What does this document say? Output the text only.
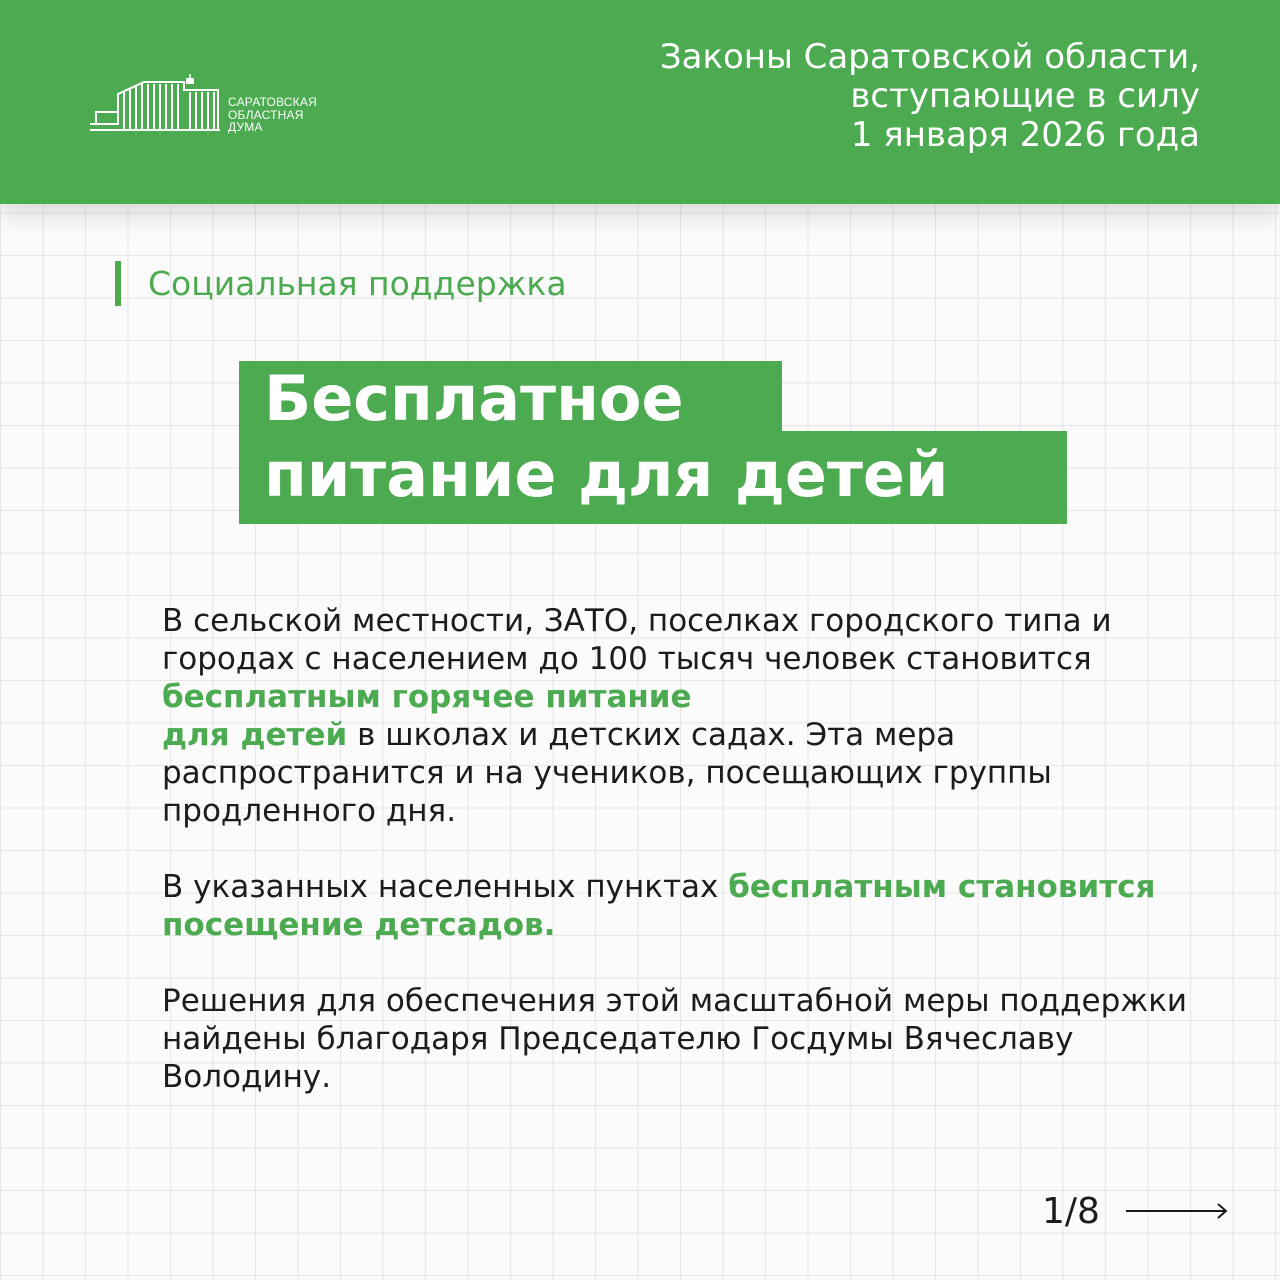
САРАТОВСКАЯ
ОБЛАСТНАЯ
ДУМА
Законы Саратовской области,
вступающие в силу
1 января 2026 года
Социальная поддержка
Бесплатное
питание для детей
В сельской местности, ЗАТО, поселках городского типа и городах с населением до 100 тысяч человек становится бесплатным горячее питание
для детей в школах и детских садах. Эта мера распространится и на учеников, посещающих группы продленного дня.
В указанных населенных пунктах бесплатным становится посещение детсадов.
Решения для обеспечения этой масштабной меры поддержки найдены благодаря Председателю Госдумы Вячеславу Володину.
1/8
